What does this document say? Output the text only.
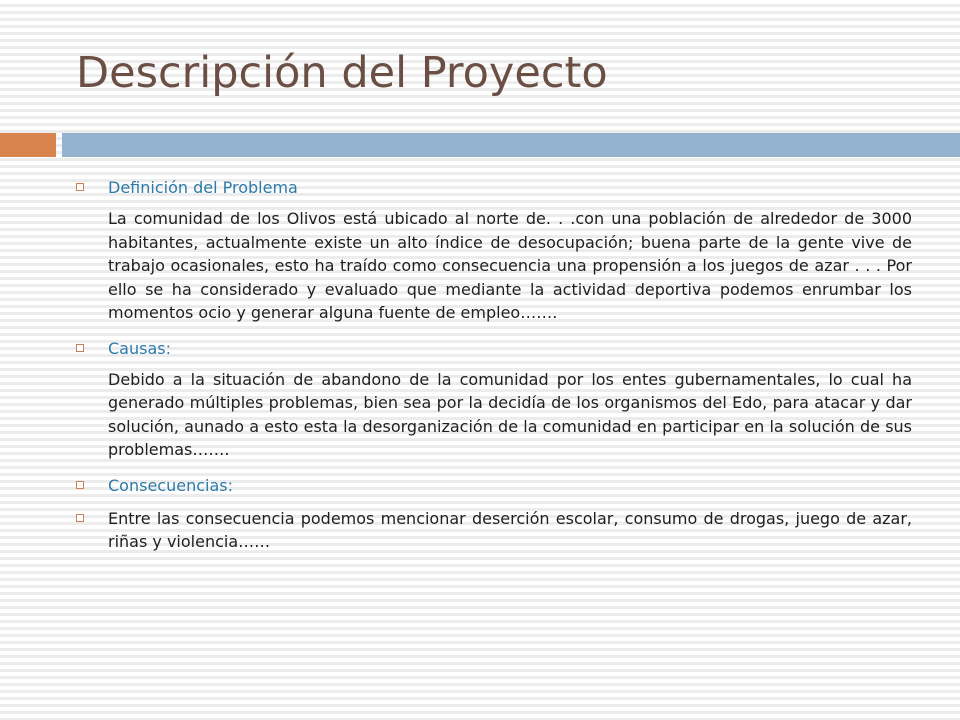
Descripción del Proyecto
Definición del Problema
La comunidad de los Olivos está ubicado al norte de. . .con una población de alrededor de 3000 habitantes, actualmente existe un alto índice de desocupación; buena parte de la gente vive de trabajo ocasionales, esto ha traído como consecuencia una propensión a los juegos de azar . . . Por ello se ha considerado y evaluado que mediante la actividad deportiva podemos enrumbar los momentos ocio y generar alguna fuente de empleo…….
Causas:
Debido a la situación de abandono de la comunidad por los entes gubernamentales, lo cual ha generado múltiples problemas, bien sea por la decidía de los organismos del Edo, para atacar y dar solución, aunado a esto esta la desorganización de la comunidad en participar en la solución de sus problemas…….
Consecuencias:
Entre las consecuencia podemos mencionar deserción escolar, consumo de drogas, juego de azar, riñas y violencia……
